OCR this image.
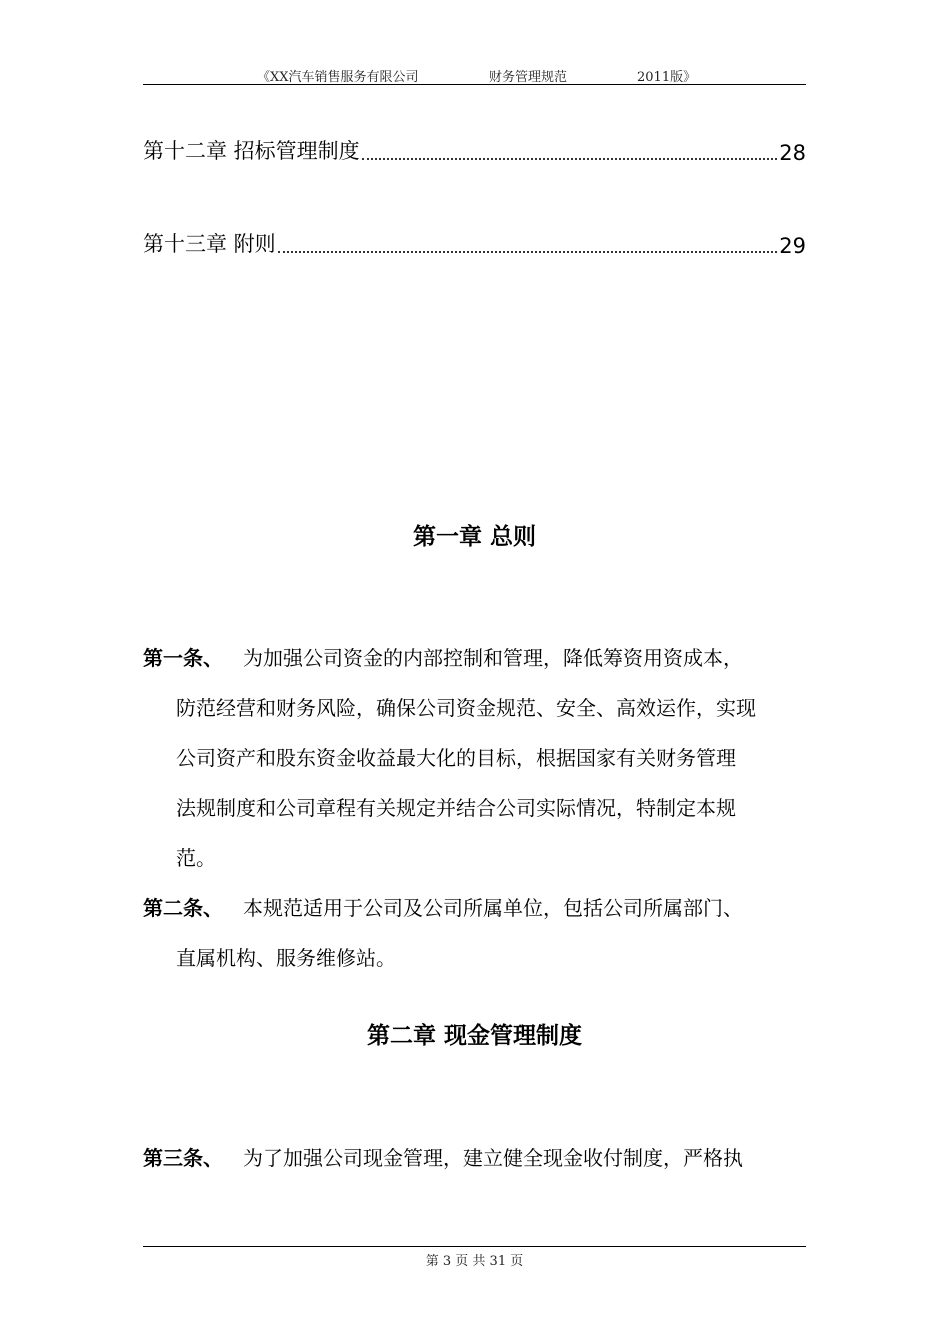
《XX汽车销售服务有限公司	财务管理规范	2011版》
第十二章 招标管理制度	28
第十三章 附则	29
第一章 总则
第一条、 为加强公司资金的内部控制和管理，降低筹资用资成本，
防范经营和财务风险，确保公司资金规范、安全、高效运作，实现
公司资产和股东资金收益最大化的目标，根据国家有关财务管理
法规制度和公司章程有关规定并结合公司实际情况，特制定本规
范。
第二条、 本规范适用于公司及公司所属单位，包括公司所属部门、
直属机构、服务维修站。
第二章 现金管理制度
第三条、 为了加强公司现金管理，建立健全现金收付制度，严格执
第 3 页 共 31 页
